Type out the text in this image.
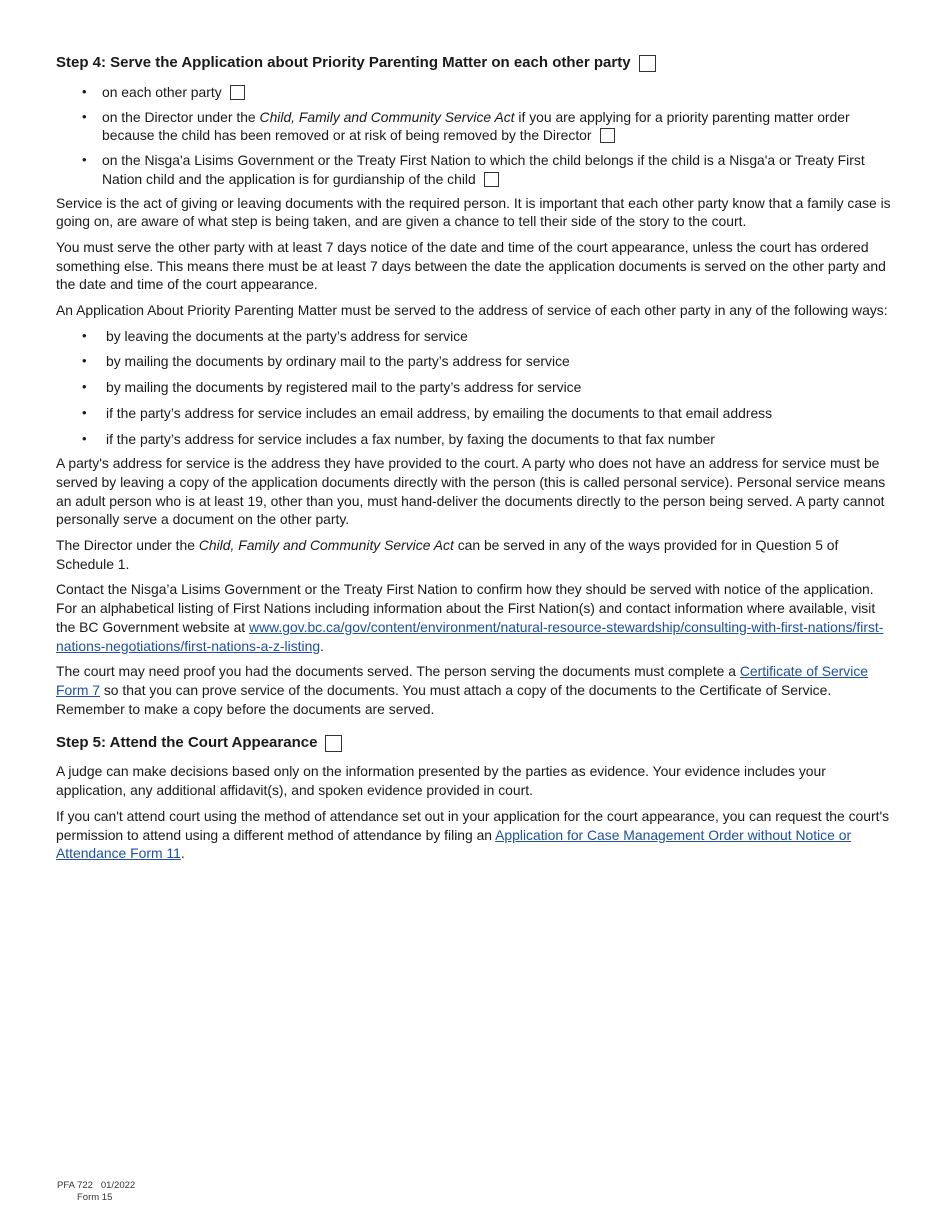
Step 4: Serve the Application about Priority Parenting Matter on each other party
• on each other party
• on the Director under the Child, Family and Community Service Act if you are applying for a priority parenting matter order because the child has been removed or at risk of being removed by the Director
• on the Nisga'a Lisims Government or the Treaty First Nation to which the child belongs if the child is a Nisga'a or Treaty First Nation child and the application is for gurdianship of the child

Service is the act of giving or leaving documents with the required person. It is important that each other party know that a family case is going on, are aware of what step is being taken, and are given a chance to tell their side of the story to the court.

You must serve the other party with at least 7 days notice of the date and time of the court appearance, unless the court has ordered something else. This means there must be at least 7 days between the date the application documents is served on the other party and the date and time of the court appearance.

An Application About Priority Parenting Matter must be served to the address of service of each other party in any of the following ways:

• by leaving the documents at the party’s address for service
• by mailing the documents by ordinary mail to the party’s address for service
• by mailing the documents by registered mail to the party’s address for service
• if the party’s address for service includes an email address, by emailing the documents to that email address
• if the party’s address for service includes a fax number, by faxing the documents to that fax number

A party's address for service is the address they have provided to the court. A party who does not have an address for service must be served by leaving a copy of the application documents directly with the person (this is called personal service). Personal service means an adult person who is at least 19, other than you, must hand-deliver the documents directly to the person being served. A party cannot personally serve a document on the other party.

The Director under the Child, Family and Community Service Act can be served in any of the ways provided for in Question 5 of Schedule 1.

Contact the Nisga’a Lisims Government or the Treaty First Nation to confirm how they should be served with notice of the application. For an alphabetical listing of First Nations including information about the First Nation(s) and contact information where available, visit the BC Government website at www.gov.bc.ca/gov/content/environment/natural-resource-stewardship/consulting-with-first-nations/first-nations-negotiations/first-nations-a-z-listing.

The court may need proof you had the documents served. The person serving the documents must complete a Certificate of Service Form 7 so that you can prove service of the documents. You must attach a copy of the documents to the Certificate of Service. Remember to make a copy before the documents are served.

Step 5: Attend the Court Appearance

A judge can make decisions based only on the information presented by the parties as evidence. Your evidence includes your application, any additional affidavit(s), and spoken evidence provided in court.

If you can't attend court using the method of attendance set out in your application for the court appearance, you can request the court's permission to attend using a different method of attendance by filing an Application for Case Management Order without Notice or Attendance Form 11.

PFA 722   01/2022
Form 15
